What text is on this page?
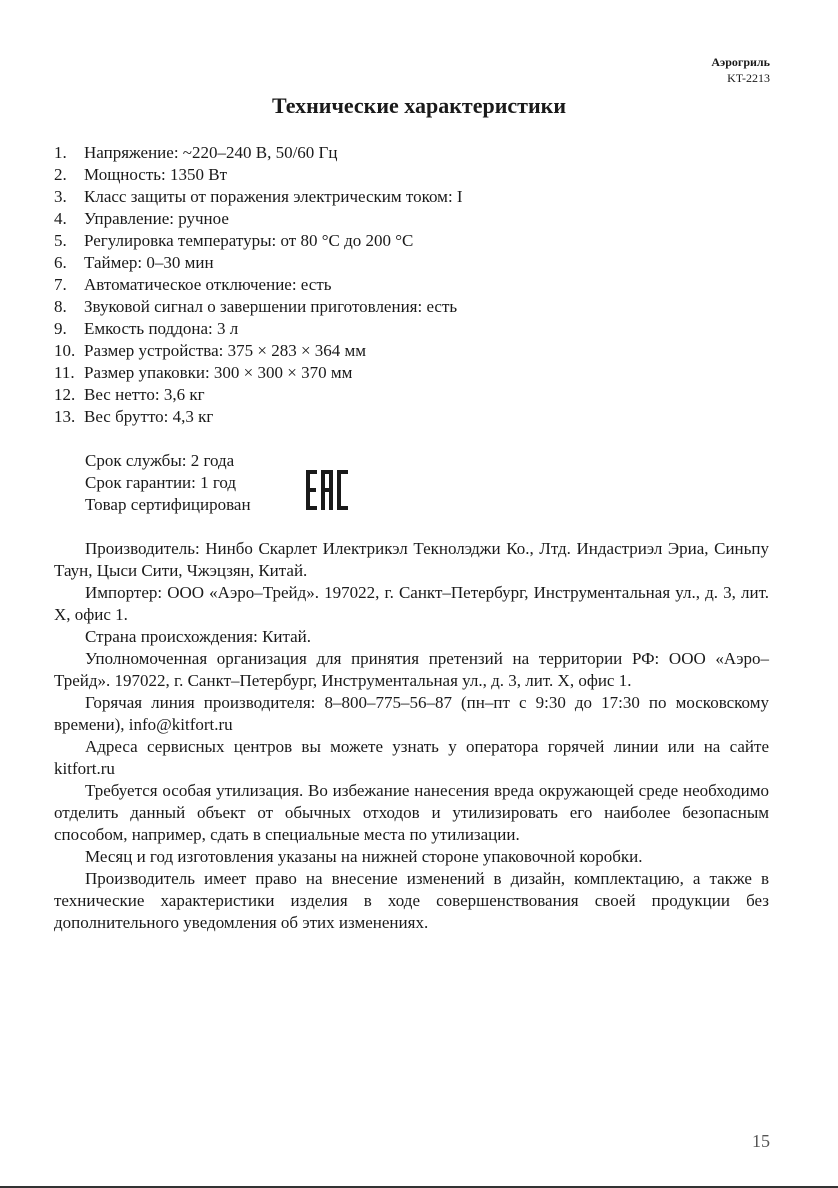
Аэрогриль
KT-2213
Технические характеристики
1.	Напряжение: ~220–240 В, 50/60 Гц
2.	Мощность: 1350 Вт
3.	Класс защиты от поражения электрическим током: I
4.	Управление: ручное
5.	Регулировка температуры: от 80 °С до 200 °С
6.	Таймер: 0–30 мин
7.	Автоматическое отключение: есть
8.	Звуковой сигнал о завершении приготовления: есть
9.	Емкость поддона: 3 л
10. Размер устройства: 375 × 283 × 364 мм
11. Размер упаковки: 300 × 300 × 370 мм
12. Вес нетто: 3,6 кг
13. Вес брутто: 4,3 кг
Срок службы: 2 года
Срок гарантии: 1 год
Товар сертифицирован

Производитель: Нинбо Скарлет Илектрикэл Текнолэджи Ко., Лтд. Индастриэл Эриа, Синьпу Таун, Цыси Сити, Чжэцзян, Китай.

Импортер: ООО «Аэро–Трейд». 197022, г. Санкт–Петербург, Инструментальная ул., д. 3, лит. Х, офис 1.

Страна происхождения: Китай.

Уполномоченная организация для принятия претензий на территории РФ: ООО «Аэро–Трейд». 197022, г. Санкт–Петербург, Инструментальная ул., д. 3, лит. Х, офис 1.

Горячая линия производителя: 8–800–775–56–87 (пн–пт с 9:30 до 17:30 по московскому времени), info@kitfort.ru

Адреса сервисных центров вы можете узнать у оператора горячей линии или на сайте kitfort.ru

Требуется особая утилизация. Во избежание нанесения вреда окружающей среде необходимо отделить данный объект от обычных отходов и утилизировать его наиболее безопасным способом, например, сдать в специальные места по утилизации.

Месяц и год изготовления указаны на нижней стороне упаковочной коробки.

Производитель имеет право на внесение изменений в дизайн, комплектацию, а также в технические характеристики изделия в ходе совершенствования своей продукции без дополнительного уведомления об этих изменениях.

15
